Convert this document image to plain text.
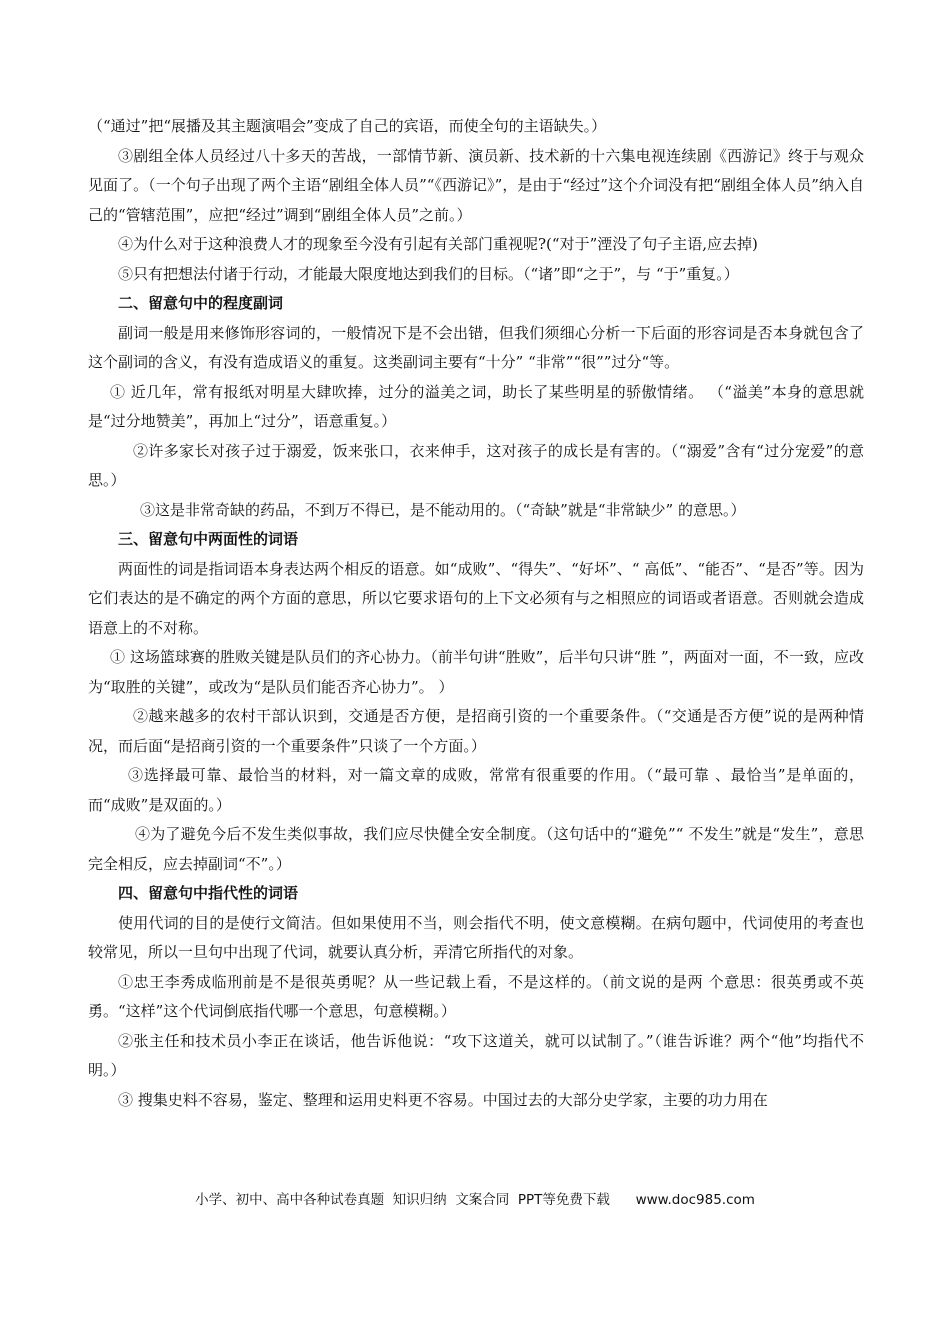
（“通过”把“展播及其主题演唱会”变成了自己的宾语，而使全句的主语缺失。）

③剧组全体人员经过八十多天的苦战，一部情节新、演员新、技术新的十六集电视连续剧《西游记》终于与观众见面了。（一个句子出现了两个主语“剧组全体人员”“《西游记》”，是由于“经过”这个介词没有把“剧组全体人员”纳入自己的“管辖范围”，应把“经过”调到“剧组全体人员”之前。）

④为什么对于这种浪费人才的现象至今没有引起有关部门重视呢?(“对于”湮没了句子主语,应去掉)

⑤只有把想法付诸于行动，才能最大限度地达到我们的目标。（“诸”即“之于”，与 “于”重复。）

二、留意句中的程度副词

副词一般是用来修饰形容词的，一般情况下是不会出错，但我们须细心分析一下后面的形容词是否本身就包含了这个副词的含义，有没有造成语义的重复。这类副词主要有“十分” “非常”“很””过分“等。

① 近几年，常有报纸对明星大肆吹捧，过分的溢美之词，助长了某些明星的骄傲情绪。 （“溢美”本身的意思就是“过分地赞美”，再加上“过分”，语意重复。）

②许多家长对孩子过于溺爱，饭来张口，衣来伸手，这对孩子的成长是有害的。（“溺爱”含有“过分宠爱”的意思。）

③这是非常奇缺的药品，不到万不得已，是不能动用的。（“奇缺”就是“非常缺少” 的意思。）

三、留意句中两面性的词语

两面性的词是指词语本身表达两个相反的语意。如“成败”、“得失”、“好坏”、“ 高低”、“能否”、“是否”等。因为它们表达的是不确定的两个方面的意思，所以它要求语句的上下文必须有与之相照应的词语或者语意。否则就会造成语意上的不对称。

① 这场篮球赛的胜败关键是队员们的齐心协力。（前半句讲“胜败”，后半句只讲“胜 ”，两面对一面，不一致，应改为“取胜的关键”，或改为“是队员们能否齐心协力”。 ）

②越来越多的农村干部认识到，交通是否方便，是招商引资的一个重要条件。（“交通是否方便”说的是两种情况，而后面“是招商引资的一个重要条件”只谈了一个方面。）

③选择最可靠、最恰当的材料，对一篇文章的成败，常常有很重要的作用。（“最可靠 、最恰当”是单面的，而“成败”是双面的。）

④为了避免今后不发生类似事故，我们应尽快健全安全制度。（这句话中的“避免”“ 不发生”就是“发生”，意思完全相反，应去掉副词“不”。）

四、留意句中指代性的词语

使用代词的目的是使行文简洁。但如果使用不当，则会指代不明，使文意模糊。在病句题中，代词使用的考查也较常见，所以一旦句中出现了代词，就要认真分析，弄清它所指代的对象。

①忠王李秀成临刑前是不是很英勇呢？从一些记载上看，不是这样的。（前文说的是两 个意思：很英勇或不英勇。“这样”这个代词倒底指代哪一个意思，句意模糊。）

②张主任和技术员小李正在谈话，他告诉他说：“攻下这道关，就可以试制了。”（谁告诉谁？两个“他”均指代不明。）

③ 搜集史料不容易，鉴定、整理和运用史料更不容易。中国过去的大部分史学家，主要的功力用在

小学、初中、高中各种试卷真题  知识归纳  文案合同  PPT等免费下载      www.doc985.com
